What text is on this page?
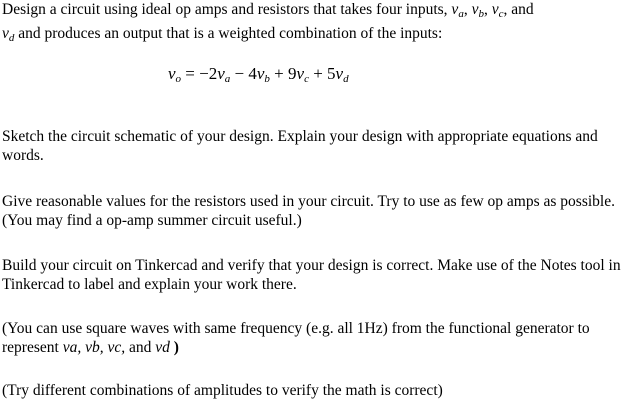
Design a circuit using ideal op amps and resistors that takes four inputs, $v_a$, $v_b$, $v_c$, and
$v_d$ and produces an output that is a weighted combination of the inputs:

$v_o = -2v_a - 4v_b + 9v_c + 5v_d$

Sketch the circuit schematic of your design. Explain your design with appropriate equations and words.

Give reasonable values for the resistors used in your circuit. Try to use as few op amps as possible. (You may find a op-amp summer circuit useful.)

Build your circuit on Tinkercad and verify that your design is correct. Make use of the Notes tool in Tinkercad to label and explain your work there.

(You can use square waves with same frequency (e.g. all 1Hz) from the functional generator to represent va, vb, vc, and vd )

(Try different combinations of amplitudes to verify the math is correct)
